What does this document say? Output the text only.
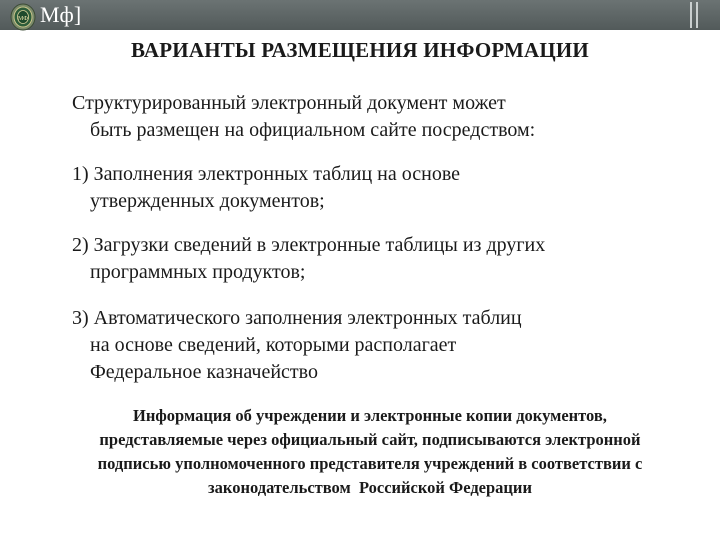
МФ Мф]
ВАРИАНТЫ РАЗМЕЩЕНИЯ ИНФОРМАЦИИ
Структурированный электронный документ может
быть размещен на официальном сайте посредством:
1) Заполнения электронных таблиц на основе
утвержденных документов;
2) Загрузки сведений в электронные таблицы из других
программных продуктов;
3) Автоматического заполнения электронных таблиц
на основе сведений, которыми располагает
Федеральное казначейство
Информация об учреждении и электронные копии документов,
представляемые через официальный сайт, подписываются электронной
подписью уполномоченного представителя учреждений в соответствии с
законодательством  Российской Федерации
